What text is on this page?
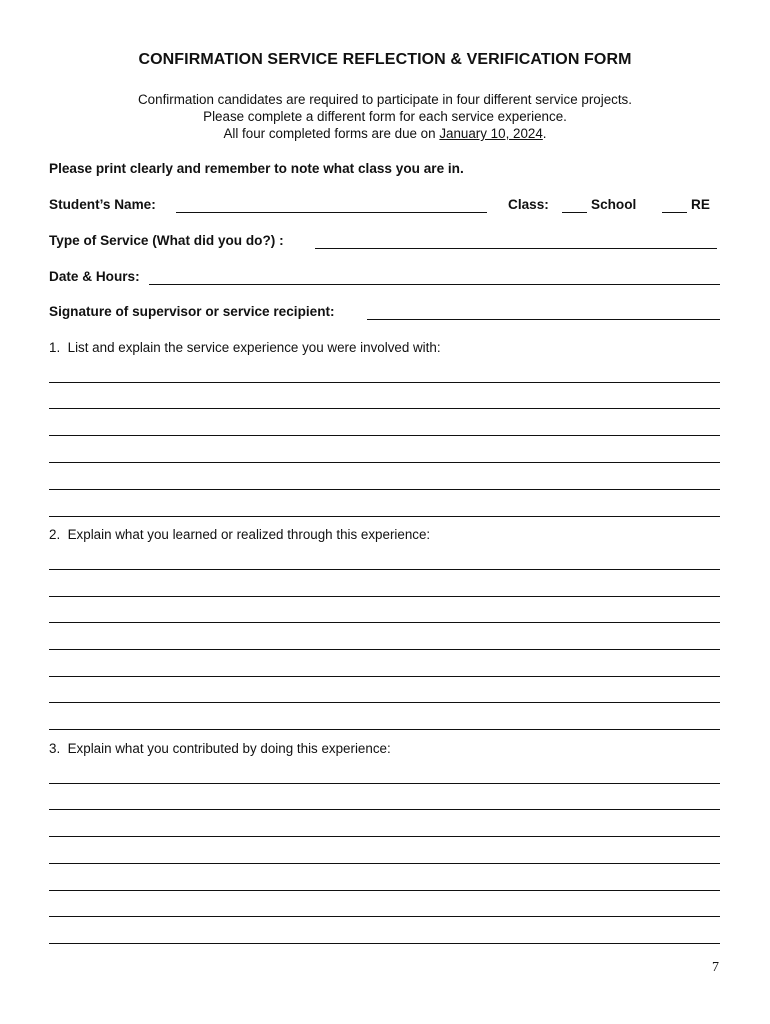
CONFIRMATION SERVICE REFLECTION & VERIFICATION FORM
Confirmation candidates are required to participate in four different service projects.
Please complete a different form for each service experience.
All four completed forms are due on January 10, 2024.
Please print clearly and remember to note what class you are in.
Student’s Name:	Class:	School	RE
Type of Service (What did you do?) :
Date & Hours:
Signature of supervisor or service recipient:
1. List and explain the service experience you were involved with:
2. Explain what you learned or realized through this experience:
3. Explain what you contributed by doing this experience:
7
